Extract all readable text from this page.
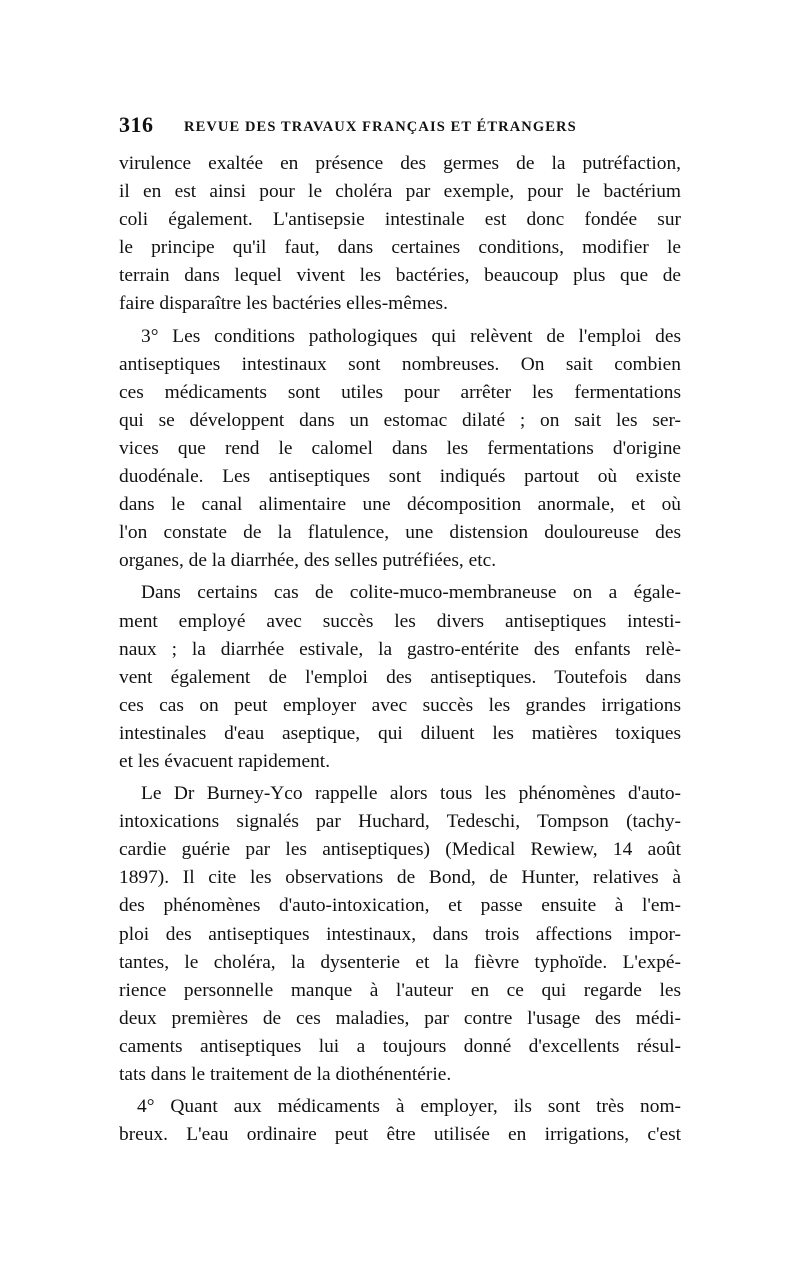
316 REVUE DES TRAVAUX FRANÇAIS ET ÉTRANGERS
virulence exaltée en présence des germes de la putréfaction,
il en est ainsi pour le choléra par exemple, pour le bactérium
coli également. L'antisepsie intestinale est donc fondée sur
le principe qu'il faut, dans certaines conditions, modifier le
terrain dans lequel vivent les bactéries, beaucoup plus que de
faire disparaître les bactéries elles-mêmes.
3° Les conditions pathologiques qui relèvent de l'emploi des
antiseptiques intestinaux sont nombreuses. On sait combien
ces médicaments sont utiles pour arrêter les fermentations
qui se développent dans un estomac dilaté ; on sait les ser-
vices que rend le calomel dans les fermentations d'origine
duodénale. Les antiseptiques sont indiqués partout où existe
dans le canal alimentaire une décomposition anormale, et où
l'on constate de la flatulence, une distension douloureuse des
organes, de la diarrhée, des selles putréfiées, etc.
Dans certains cas de colite-muco-membraneuse on a égale-
ment employé avec succès les divers antiseptiques intesti-
naux ; la diarrhée estivale, la gastro-entérite des enfants relè-
vent également de l'emploi des antiseptiques. Toutefois dans
ces cas on peut employer avec succès les grandes irrigations
intestinales d'eau aseptique, qui diluent les matières toxiques
et les évacuent rapidement.
Le Dr Burney-Yco rappelle alors tous les phénomènes d'auto-
intoxications signalés par Huchard, Tedeschi, Tompson (tachy-
cardie guérie par les antiseptiques) (Medical Rewiew, 14 août
1897). Il cite les observations de Bond, de Hunter, relatives à
des phénomènes d'auto-intoxication, et passe ensuite à l'em-
ploi des antiseptiques intestinaux, dans trois affections impor-
tantes, le choléra, la dysenterie et la fièvre typhoïde. L'expé-
rience personnelle manque à l'auteur en ce qui regarde les
deux premières de ces maladies, par contre l'usage des médi-
caments antiseptiques lui a toujours donné d'excellents résul-
tats dans le traitement de la diothénentérie.
4° Quant aux médicaments à employer, ils sont très nom-
breux. L'eau ordinaire peut être utilisée en irrigations, c'est
